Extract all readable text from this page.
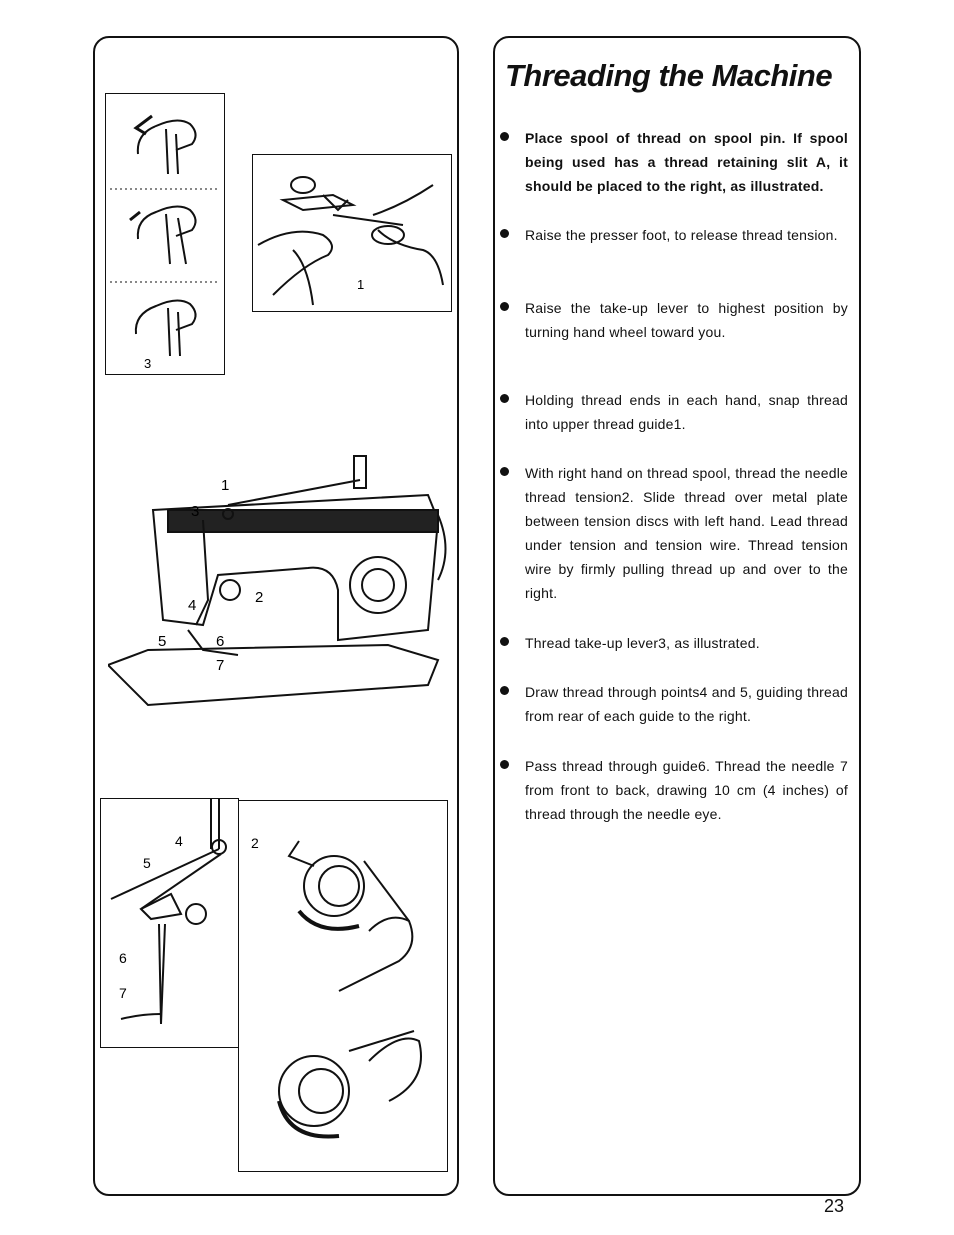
Threading the Machine
Place spool of thread on spool pin. If spool being used has a thread retaining slit A, it should be placed to the right, as illustrated.
Raise the presser foot, to release thread tension.
Raise the take-up lever to highest position by turning hand wheel toward you.
Holding thread ends in each hand, snap thread into upper thread guide1.
With right hand on thread spool, thread the needle thread tension2. Slide thread over metal plate between tension discs with left hand. Lead thread under tension and tension wire. Thread tension wire by firmly pulling thread up and over to the right.
Thread take-up lever3, as illustrated.
Draw thread through points4 and 5, guiding thread from rear of each guide to the right.
Pass thread through guide6. Thread the needle 7 from front to back, drawing 10 cm (4 inches) of thread through the needle eye.
23
3
1
1
3
2
4
5	6
7
4
5
6
7
2
